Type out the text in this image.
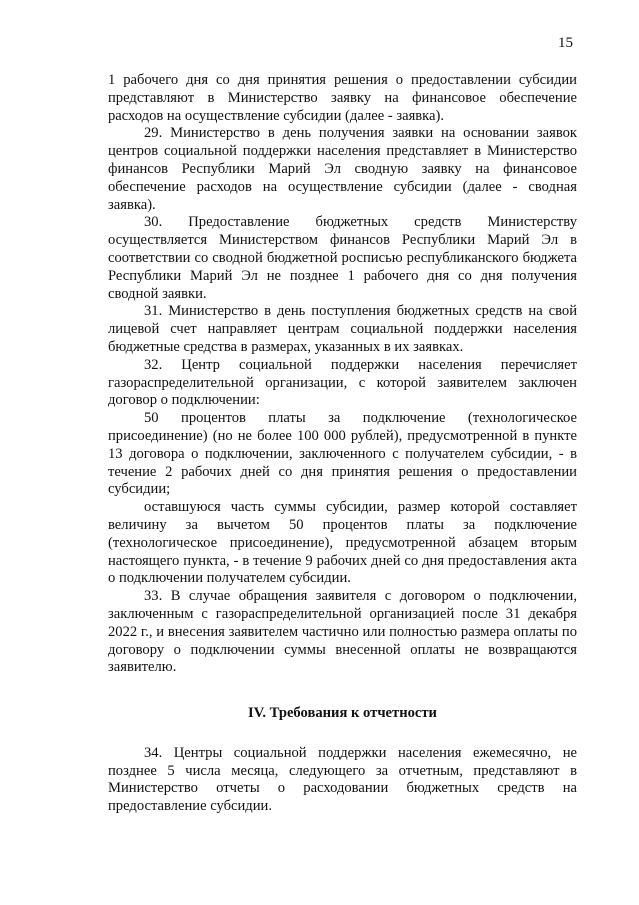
15

1 рабочего дня со дня принятия решения о предоставлении субсидии представляют в Министерство заявку на финансовое обеспечение расходов на осуществление субсидии (далее - заявка).

29. Министерство в день получения заявки на основании заявок центров социальной поддержки населения представляет в Министерство финансов Республики Марий Эл сводную заявку на финансовое обеспечение расходов на осуществление субсидии (далее - сводная заявка).

30. Предоставление бюджетных средств Министерству осуществляется Министерством финансов Республики Марий Эл в соответствии со сводной бюджетной росписью республиканского бюджета Республики Марий Эл не позднее 1 рабочего дня со дня получения сводной заявки.

31. Министерство в день поступления бюджетных средств на свой лицевой счет направляет центрам социальной поддержки населения бюджетные средства в размерах, указанных в их заявках.

32. Центр социальной поддержки населения перечисляет газораспределительной организации, с которой заявителем заключен договор о подключении:

50 процентов платы за подключение (технологическое присоединение) (но не более 100 000 рублей), предусмотренной в пункте 13 договора о подключении, заключенного с получателем субсидии, - в течение 2 рабочих дней со дня принятия решения о предоставлении субсидии;

оставшуюся часть суммы субсидии, размер которой составляет величину за вычетом 50 процентов платы за подключение (технологическое присоединение), предусмотренной абзацем вторым настоящего пункта, - в течение 9 рабочих дней со дня предоставления акта о подключении получателем субсидии.

33. В случае обращения заявителя с договором о подключении, заключенным с газораспределительной организацией после 31 декабря 2022 г., и внесения заявителем частично или полностью размера оплаты по договору о подключении суммы внесенной оплаты не возвращаются заявителю.

IV. Требования к отчетности

34. Центры социальной поддержки населения ежемесячно, не позднее 5 числа месяца, следующего за отчетным, представляют в Министерство отчеты о расходовании бюджетных средств на предоставление субсидии.
